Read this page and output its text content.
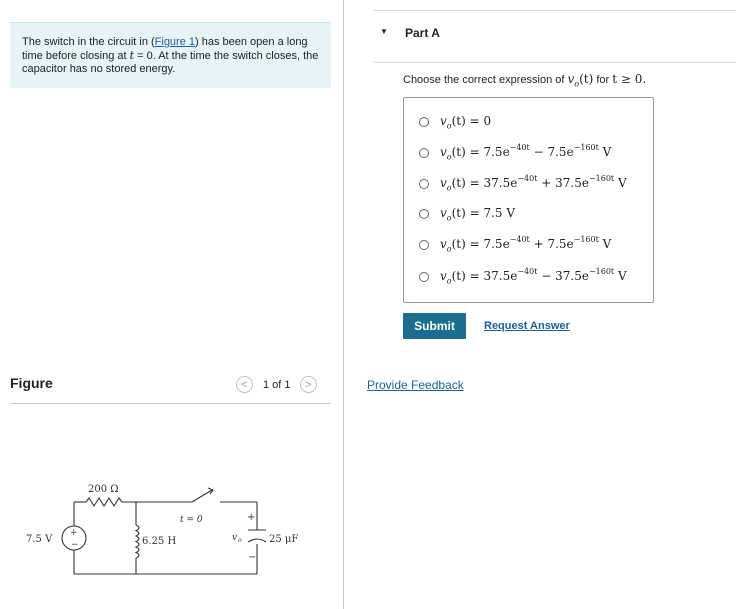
The switch in the circuit in (Figure 1) has been open a long time before closing at t = 0. At the time the switch closes, the capacitor has no stored energy.
Figure	<	1 of 1	>
+
−
7.5 V
200 Ω
6.25 H
t = 0	+
v o
−
25 μF
▼ Part A
Choose the correct expression of $v_o(t)$ for t ≥ 0.
$v_o(t) = 0$
$v_o(t) = 7.5e^{-40t} - 7.5e^{-160t}$ V
$v_o(t) = 37.5e^{-40t} + 37.5e^{-160t}$ V
$v_o(t) = 7.5$ V
$v_o(t) = 7.5e^{-40t} + 7.5e^{-160t}$ V
$v_o(t) = 37.5e^{-40t} - 37.5e^{-160t}$ V
Submit	Request Answer
Provide Feedback
